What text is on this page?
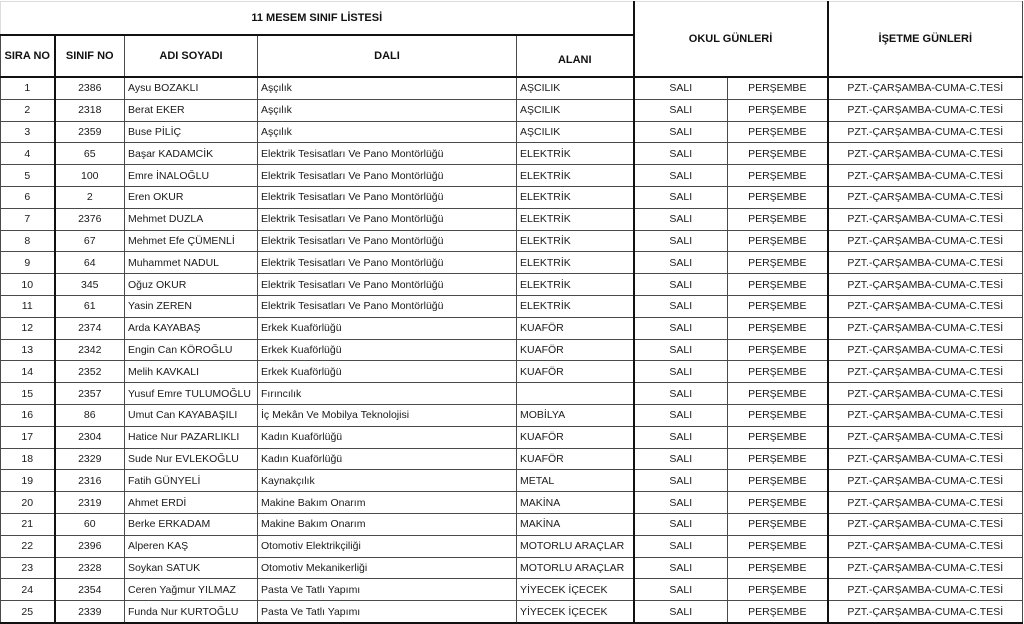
11 MESEM SINIF LİSTESİ					OKUL GÜNLERİ		İŞETME GÜNLERİ
SIRA NO	SINIF NO	ADI SOYADI	DALI	ALANI			
1	2386	Aysu BOZAKLI	Aşçılık	AŞCILIK	SALI	PERŞEMBE	PZT.-ÇARŞAMBA-CUMA-C.TESİ
2	2318	Berat EKER	Aşçılık	AŞCILIK	SALI	PERŞEMBE	PZT.-ÇARŞAMBA-CUMA-C.TESİ
3	2359	Buse PİLİÇ	Aşçılık	AŞCILIK	SALI	PERŞEMBE	PZT.-ÇARŞAMBA-CUMA-C.TESİ
4	65	Başar KADAMCİK	Elektrik Tesisatları Ve Pano Montörlüğü	ELEKTRİK	SALI	PERŞEMBE	PZT.-ÇARŞAMBA-CUMA-C.TESİ
5	100	Emre İNALOĞLU	Elektrik Tesisatları Ve Pano Montörlüğü	ELEKTRİK	SALI	PERŞEMBE	PZT.-ÇARŞAMBA-CUMA-C.TESİ
6	2	Eren OKUR	Elektrik Tesisatları Ve Pano Montörlüğü	ELEKTRİK	SALI	PERŞEMBE	PZT.-ÇARŞAMBA-CUMA-C.TESİ
7	2376	Mehmet DUZLA	Elektrik Tesisatları Ve Pano Montörlüğü	ELEKTRİK	SALI	PERŞEMBE	PZT.-ÇARŞAMBA-CUMA-C.TESİ
8	67	Mehmet Efe ÇÜMENLİ	Elektrik Tesisatları Ve Pano Montörlüğü	ELEKTRİK	SALI	PERŞEMBE	PZT.-ÇARŞAMBA-CUMA-C.TESİ
9	64	Muhammet NADUL	Elektrik Tesisatları Ve Pano Montörlüğü	ELEKTRİK	SALI	PERŞEMBE	PZT.-ÇARŞAMBA-CUMA-C.TESİ
10	345	Oğuz OKUR	Elektrik Tesisatları Ve Pano Montörlüğü	ELEKTRİK	SALI	PERŞEMBE	PZT.-ÇARŞAMBA-CUMA-C.TESİ
11	61	Yasin ZEREN	Elektrik Tesisatları Ve Pano Montörlüğü	ELEKTRİK	SALI	PERŞEMBE	PZT.-ÇARŞAMBA-CUMA-C.TESİ
12	2374	Arda KAYABAŞ	Erkek Kuaförlüğü	KUAFÖR	SALI	PERŞEMBE	PZT.-ÇARŞAMBA-CUMA-C.TESİ
13	2342	Engin Can KÖROĞLU	Erkek Kuaförlüğü	KUAFÖR	SALI	PERŞEMBE	PZT.-ÇARŞAMBA-CUMA-C.TESİ
14	2352	Melih KAVKALI	Erkek Kuaförlüğü	KUAFÖR	SALI	PERŞEMBE	PZT.-ÇARŞAMBA-CUMA-C.TESİ
15	2357	Yusuf Emre TULUMOĞLU	Fırıncılık		SALI	PERŞEMBE	PZT.-ÇARŞAMBA-CUMA-C.TESİ
16	86	Umut Can KAYABAŞILI	İç Mekân Ve Mobilya Teknolojisi	MOBİLYA	SALI	PERŞEMBE	PZT.-ÇARŞAMBA-CUMA-C.TESİ
17	2304	Hatice Nur PAZARLIKLI	Kadın Kuaförlüğü	KUAFÖR	SALI	PERŞEMBE	PZT.-ÇARŞAMBA-CUMA-C.TESİ
18	2329	Sude Nur EVLEKOĞLU	Kadın Kuaförlüğü	KUAFÖR	SALI	PERŞEMBE	PZT.-ÇARŞAMBA-CUMA-C.TESİ
19	2316	Fatih GÜNYELİ	Kaynakçılık	METAL	SALI	PERŞEMBE	PZT.-ÇARŞAMBA-CUMA-C.TESİ
20	2319	Ahmet ERDİ	Makine Bakım Onarım	MAKİNA	SALI	PERŞEMBE	PZT.-ÇARŞAMBA-CUMA-C.TESİ
21	60	Berke ERKADAM	Makine Bakım Onarım	MAKİNA	SALI	PERŞEMBE	PZT.-ÇARŞAMBA-CUMA-C.TESİ
22	2396	Alperen KAŞ	Otomotiv Elektrikçiliği	MOTORLU ARAÇLAR	SALI	PERŞEMBE	PZT.-ÇARŞAMBA-CUMA-C.TESİ
23	2328	Soykan SATUK	Otomotiv Mekanikerliği	MOTORLU ARAÇLAR	SALI	PERŞEMBE	PZT.-ÇARŞAMBA-CUMA-C.TESİ
24	2354	Ceren Yağmur YILMAZ	Pasta Ve Tatlı Yapımı	YİYECEK İÇECEK	SALI	PERŞEMBE	PZT.-ÇARŞAMBA-CUMA-C.TESİ
25	2339	Funda Nur KURTOĞLU	Pasta Ve Tatlı Yapımı	YİYECEK İÇECEK	SALI	PERŞEMBE	PZT.-ÇARŞAMBA-CUMA-C.TESİ
